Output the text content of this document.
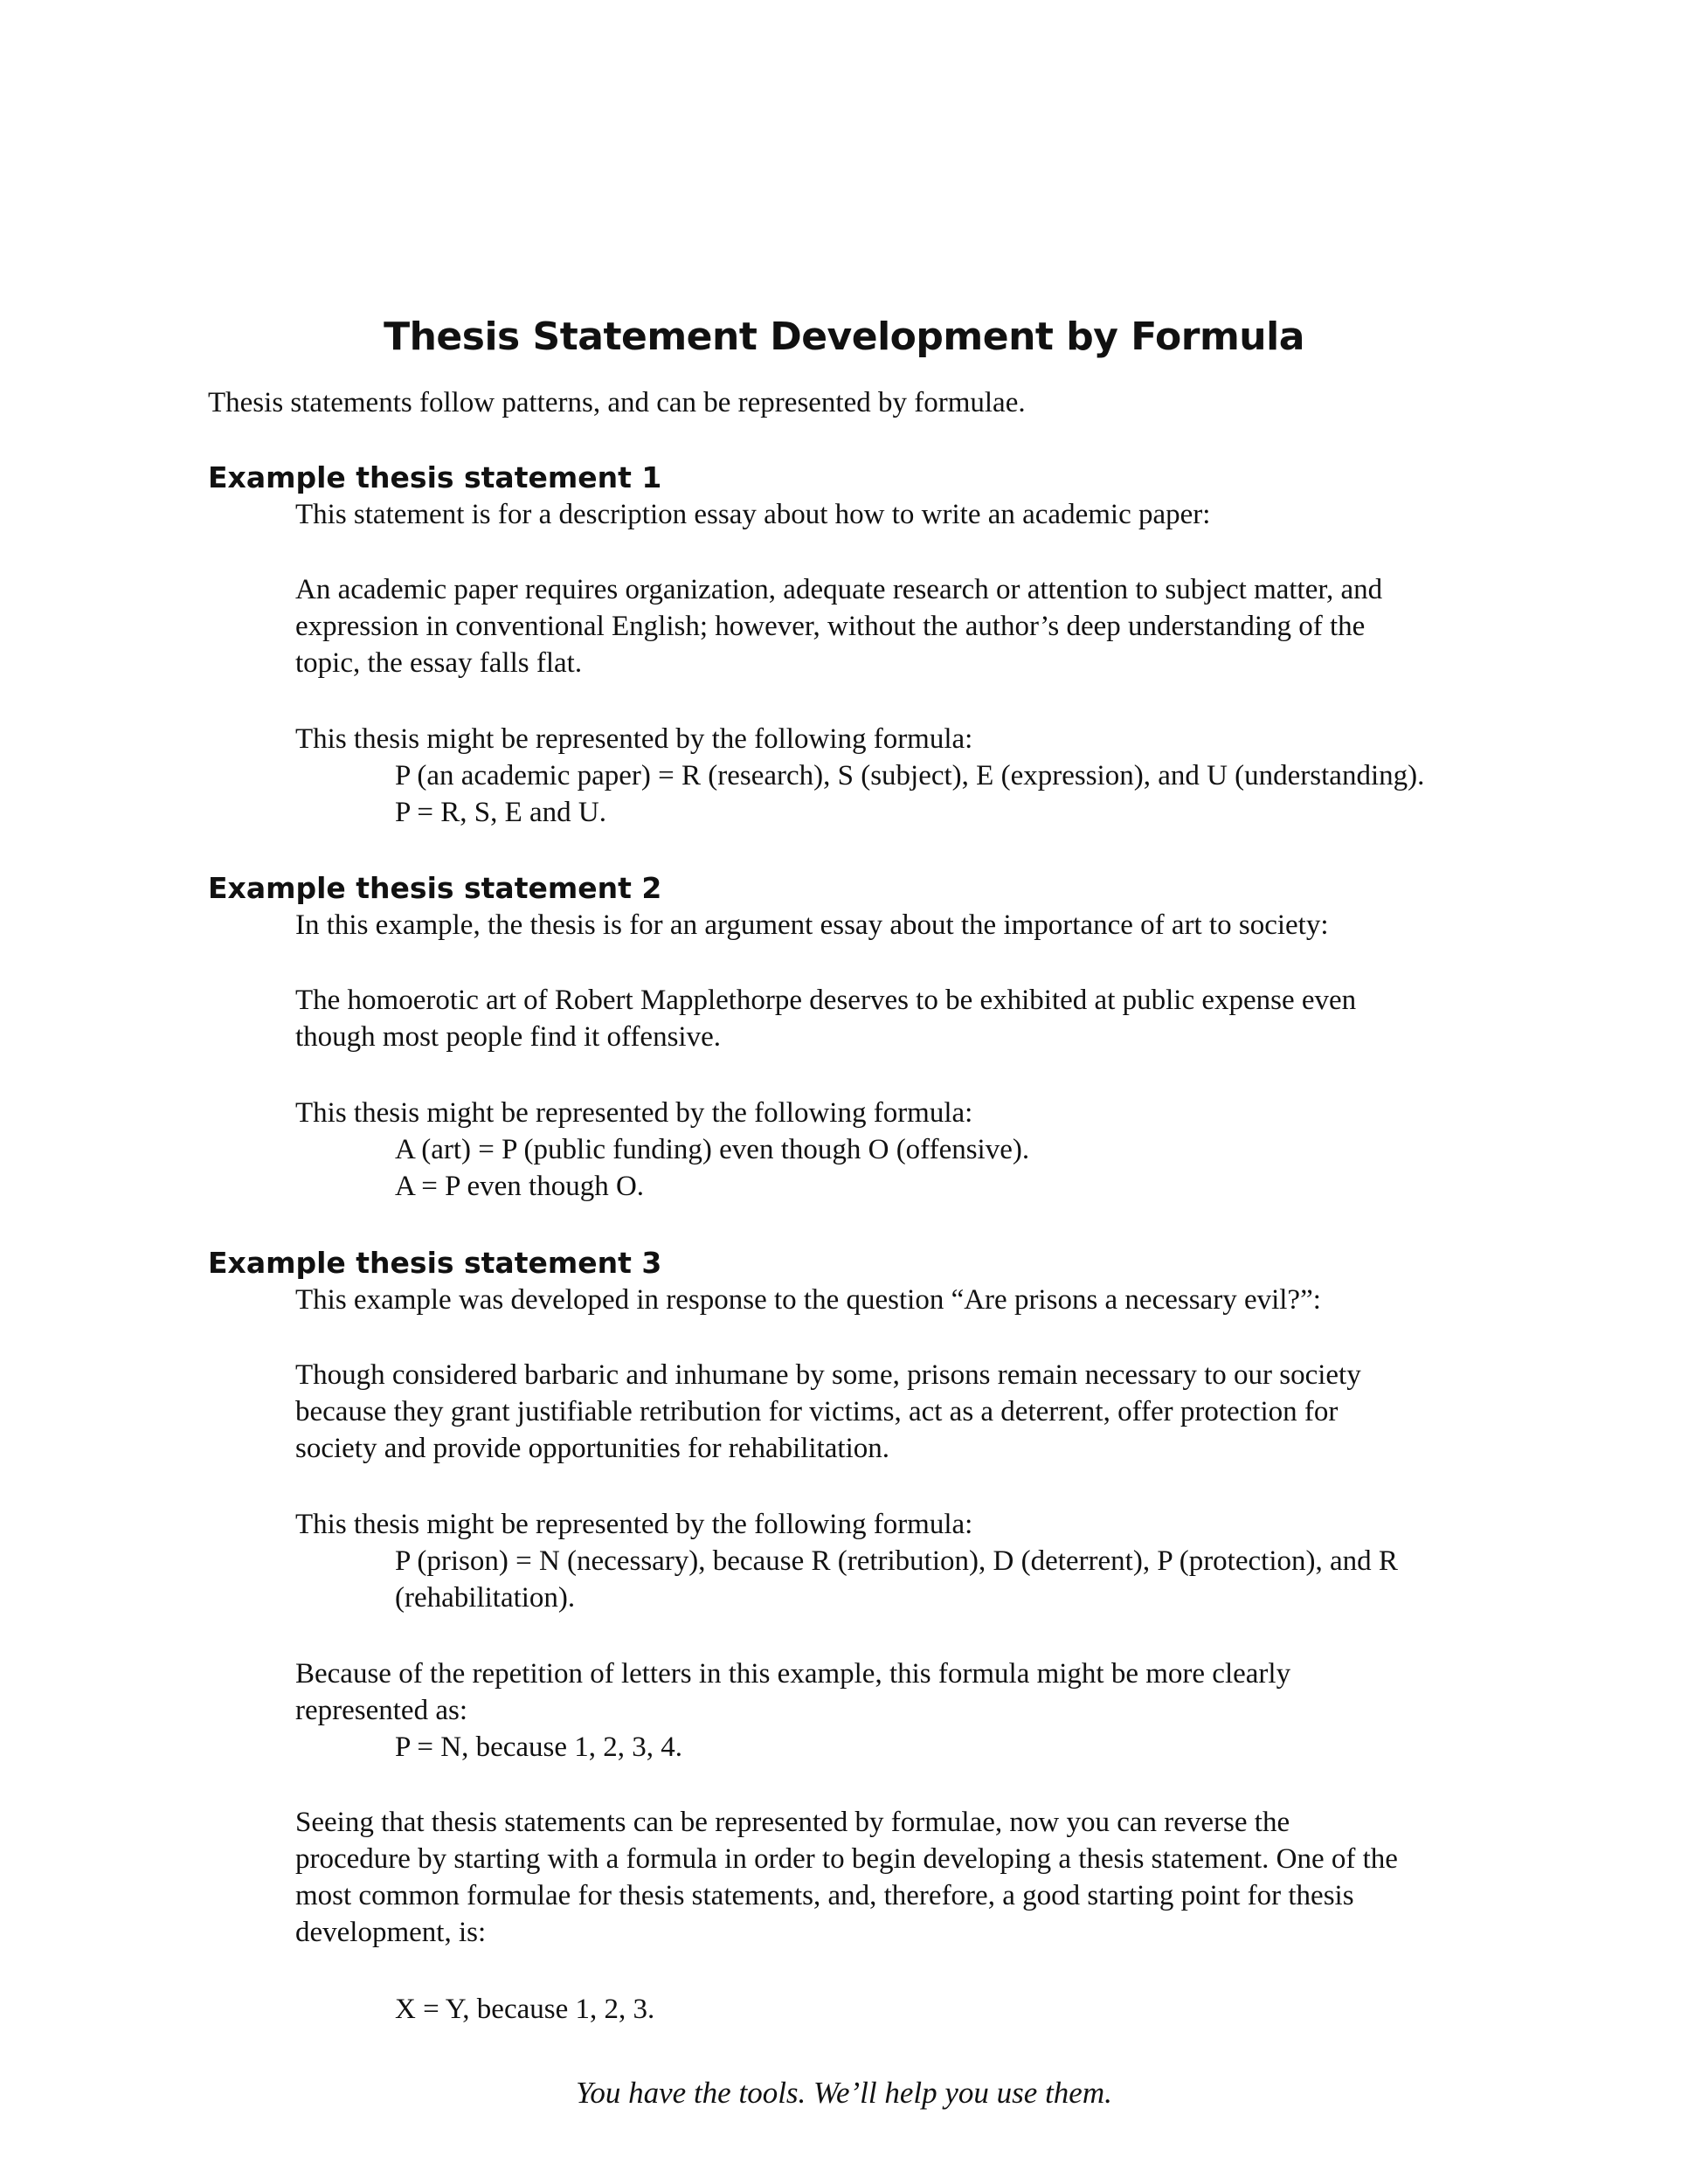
Thesis Statement Development by Formula

Thesis statements follow patterns, and can be represented by formulae.

Example thesis statement 1

This statement is for a description essay about how to write an academic paper:

An academic paper requires organization, adequate research or attention to subject matter, and
expression in conventional English; however, without the author’s deep understanding of the
topic, the essay falls flat.

This thesis might be represented by the following formula:

P (an academic paper) = R (research), S (subject), E (expression), and U (understanding).
P = R, S, E and U.

Example thesis statement 2

In this example, the thesis is for an argument essay about the importance of art to society:

The homoerotic art of Robert Mapplethorpe deserves to be exhibited at public expense even
though most people find it offensive.

This thesis might be represented by the following formula:

A (art) = P (public funding) even though O (offensive).
A = P even though O.

Example thesis statement 3

This example was developed in response to the question “Are prisons a necessary evil?”:

Though considered barbaric and inhumane by some, prisons remain necessary to our society
because they grant justifiable retribution for victims, act as a deterrent, offer protection for
society and provide opportunities for rehabilitation.

This thesis might be represented by the following formula:

P (prison) = N (necessary), because R (retribution), D (deterrent), P (protection), and R
(rehabilitation).

Because of the repetition of letters in this example, this formula might be more clearly
represented as:

P = N, because 1, 2, 3, 4.

Seeing that thesis statements can be represented by formulae, now you can reverse the
procedure by starting with a formula in order to begin developing a thesis statement. One of the
most common formulae for thesis statements, and, therefore, a good starting point for thesis
development, is:

X = Y, because 1, 2, 3.

You have the tools. We’ll help you use them.
